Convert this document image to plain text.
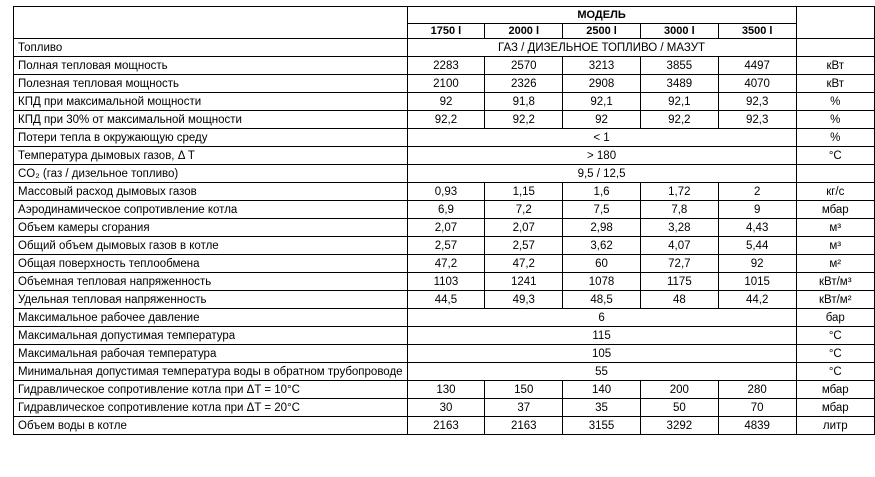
	МОДЕЛЬ					
	1750 l	2000 l	2500 l	3000 l	3500 l	
Топливо	ГАЗ / ДИЗЕЛЬНОЕ ТОПЛИВО / МАЗУТ					
Полная тепловая мощность	2283	2570	3213	3855	4497	кВт
Полезная тепловая мощность	2100	2326	2908	3489	4070	кВт
КПД при максимальной мощности	92	91,8	92,1	92,1	92,3	%
КПД при 30% от максимальной мощности	92,2	92,2	92	92,2	92,3	%
Потери тепла в окружающую среду	< 1					%
Температура дымовых газов, Δ T	> 180					°C
CO₂ (газ / дизельное топливо)	9,5 / 12,5					
Массовый расход дымовых газов	0,93	1,15	1,6	1,72	2	кг/с
Аэродинамическое сопротивление котла	6,9	7,2	7,5	7,8	9	мбар
Объем камеры сгорания	2,07	2,07	2,98	3,28	4,43	м³
Общий объем дымовых газов в котле	2,57	2,57	3,62	4,07	5,44	м³
Общая поверхность теплообмена	47,2	47,2	60	72,7	92	м²
Объемная тепловая напряженность	1103	1241	1078	1175	1015	кВт/м³
Удельная тепловая напряженность	44,5	49,3	48,5	48	44,2	кВт/м²
Максимальное рабочее давление	6					бар
Максимальная допустимая температура	115					°C
Максимальная рабочая температура	105					°C
Минимальная допустимая температура воды в обратном трубопроводе	55					°C
Гидравлическое сопротивление котла при ΔT = 10°C	130	150	140	200	280	мбар
Гидравлическое сопротивление котла при ΔT = 20°C	30	37	35	50	70	мбар
Объем воды в котле	2163	2163	3155	3292	4839	литр
